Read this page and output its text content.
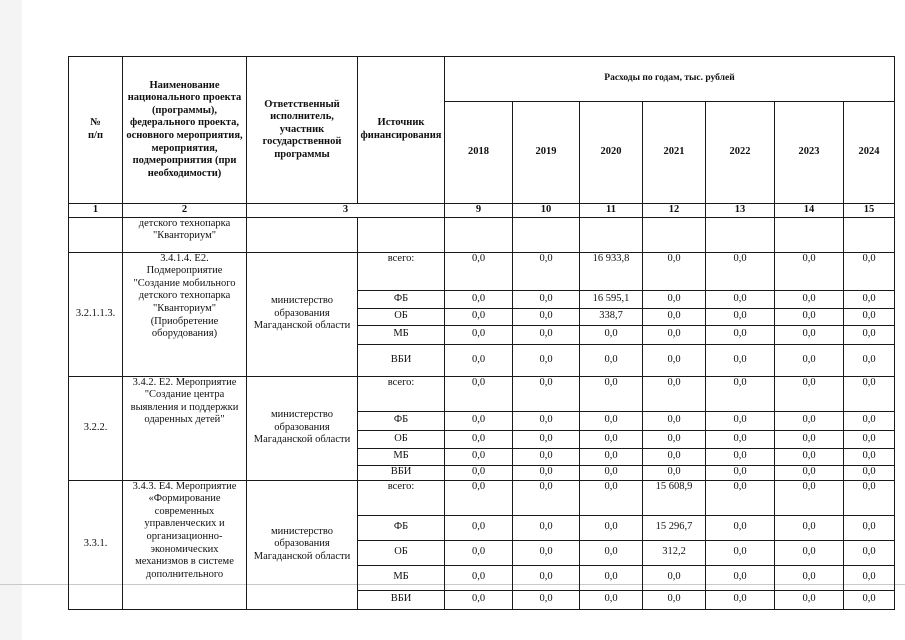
№
п/п	Наименование национального проекта (программы), федерального проекта, основного мероприятия, мероприятия, подмероприятия (при необходимости)	Ответственный исполнитель, участник государственной программы	Источник финансирования	Расходы по годам, тыс. рублей						
				2018	2019	2020	2021	2022	2023	2024
1	2	3		9	10	11	12	13	14	15
	детского технопарка "Кванториум"									
3.2.1.1.3.	3.4.1.4. Е2. Подмероприятие "Создание мобильного детского технопарка "Кванториум" (Приобретение оборудования)	министерство образования Магаданской области	всего:	0,0	0,0	16 933,8	0,0	0,0	0,0	0,0
			ФБ	0,0	0,0	16 595,1	0,0	0,0	0,0	0,0
			ОБ	0,0	0,0	338,7	0,0	0,0	0,0	0,0
			МБ	0,0	0,0	0,0	0,0	0,0	0,0	0,0
			ВБИ	0,0	0,0	0,0	0,0	0,0	0,0	0,0
3.2.2.	3.4.2. Е2. Мероприятие "Создание центра выявления и поддержки одаренных детей"	министерство образования Магаданской области	всего:	0,0	0,0	0,0	0,0	0,0	0,0	0,0
			ФБ	0,0	0,0	0,0	0,0	0,0	0,0	0,0
			ОБ	0,0	0,0	0,0	0,0	0,0	0,0	0,0
			МБ	0,0	0,0	0,0	0,0	0,0	0,0	0,0
			ВБИ	0,0	0,0	0,0	0,0	0,0	0,0	0,0
3.3.1.	3.4.3. Е4. Мероприятие «Формирование современных управленческих и организационно-экономических механизмов в системе дополнительного	министерство образования Магаданской области	всего:	0,0	0,0	0,0	15 608,9	0,0	0,0	0,0
			ФБ	0,0	0,0	0,0	15 296,7	0,0	0,0	0,0
			ОБ	0,0	0,0	0,0	312,2	0,0	0,0	0,0
			МБ	0,0	0,0	0,0	0,0	0,0	0,0	0,0
			ВБИ	0,0	0,0	0,0	0,0	0,0	0,0	0,0
